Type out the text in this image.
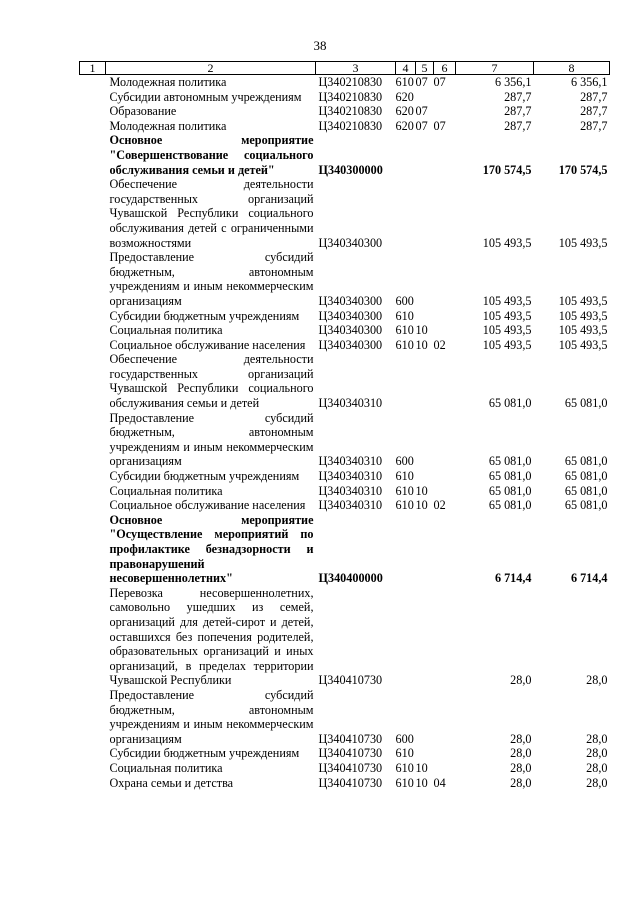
38
1	2	3	4	5	6	7	8
	Молодежная политика	Ц340210830	610	07	07	6 356,1	6 356,1
	Субсидии автономным учреждениям	Ц340210830	620			287,7	287,7
	Образование	Ц340210830	620	07		287,7	287,7
	Молодежная политика	Ц340210830	620	07	07	287,7	287,7
	Основное мероприятие "Совершенствование социального обслуживания семьи и детей"	Ц340300000				170 574,5	170 574,5
	Обеспечение деятельности государственных организаций Чувашской Республики социального обслуживания детей с ограниченными возможностями	Ц340340300				105 493,5	105 493,5
	Предоставление субсидий бюджетным, автономным учреждениям и иным некоммерческим организациям	Ц340340300	600			105 493,5	105 493,5
	Субсидии бюджетным учреждениям	Ц340340300	610			105 493,5	105 493,5
	Социальная политика	Ц340340300	610	10		105 493,5	105 493,5
	Социальное обслуживание населения	Ц340340300	610	10	02	105 493,5	105 493,5
	Обеспечение деятельности государственных организаций Чувашской Республики социального обслуживания семьи и детей	Ц340340310				65 081,0	65 081,0
	Предоставление субсидий бюджетным, автономным учреждениям и иным некоммерческим организациям	Ц340340310	600			65 081,0	65 081,0
	Субсидии бюджетным учреждениям	Ц340340310	610			65 081,0	65 081,0
	Социальная политика	Ц340340310	610	10		65 081,0	65 081,0
	Социальное обслуживание населения	Ц340340310	610	10	02	65 081,0	65 081,0
	Основное мероприятие "Осуществление мероприятий по профилактике безнадзорности и правонарушений несовершеннолетних"	Ц340400000				6 714,4	6 714,4
	Перевозка несовершеннолетних, самовольно ушедших из семей, организаций для детей-сирот и детей, оставшихся без попечения родителей, образовательных организаций и иных организаций, в пределах территории Чувашской Республики	Ц340410730				28,0	28,0
	Предоставление субсидий бюджетным, автономным учреждениям и иным некоммерческим организациям	Ц340410730	600			28,0	28,0
	Субсидии бюджетным учреждениям	Ц340410730	610			28,0	28,0
	Социальная политика	Ц340410730	610	10		28,0	28,0
	Охрана семьи и детства	Ц340410730	610	10	04	28,0	28,0
